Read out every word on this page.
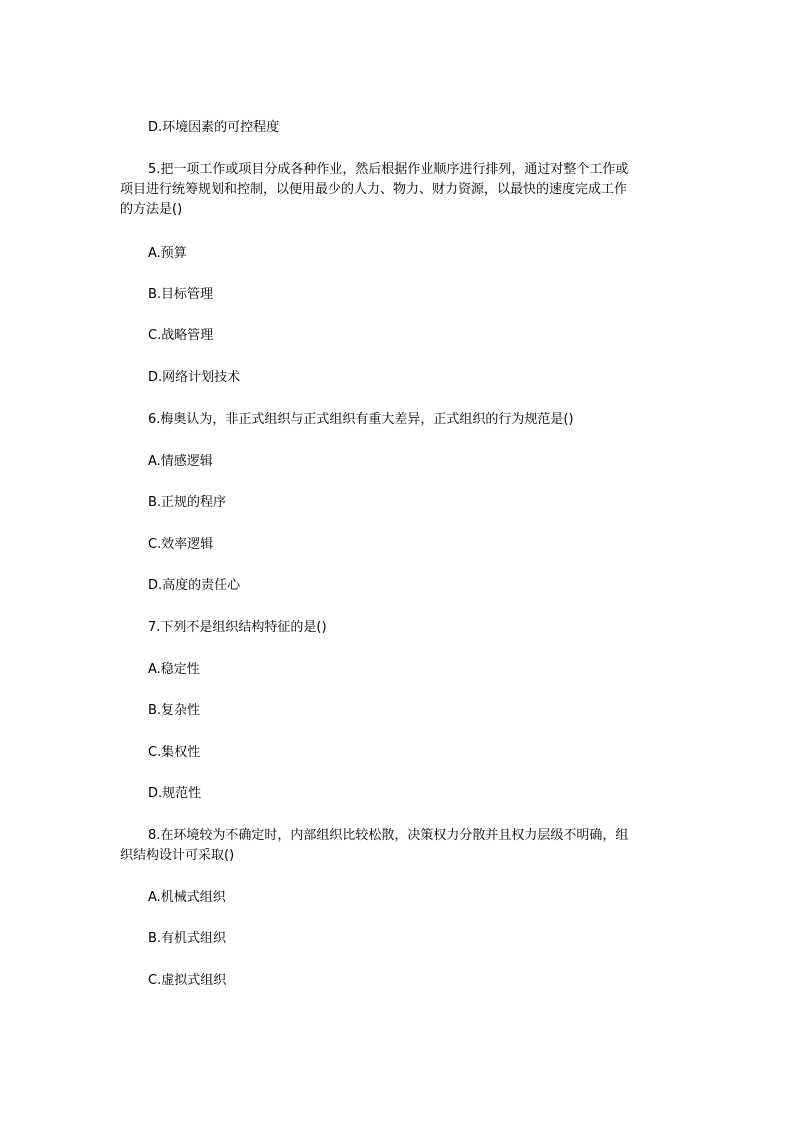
D.环境因素的可控程度
5.把一项工作或项目分成各种作业，然后根据作业顺序进行排列，通过对整个工作或项目进行统筹规划和控制，以便用最少的人力、物力、财力资源，以最快的速度完成工作的方法是()
A.预算
B.目标管理
C.战略管理
D.网络计划技术
6.梅奥认为，非正式组织与正式组织有重大差异，正式组织的行为规范是()
A.情感逻辑
B.正规的程序
C.效率逻辑
D.高度的责任心
7.下列不是组织结构特征的是()
A.稳定性
B.复杂性
C.集权性
D.规范性
8.在环境较为不确定时，内部组织比较松散，决策权力分散并且权力层级不明确，组织结构设计可采取()
A.机械式组织
B.有机式组织
C.虚拟式组织
